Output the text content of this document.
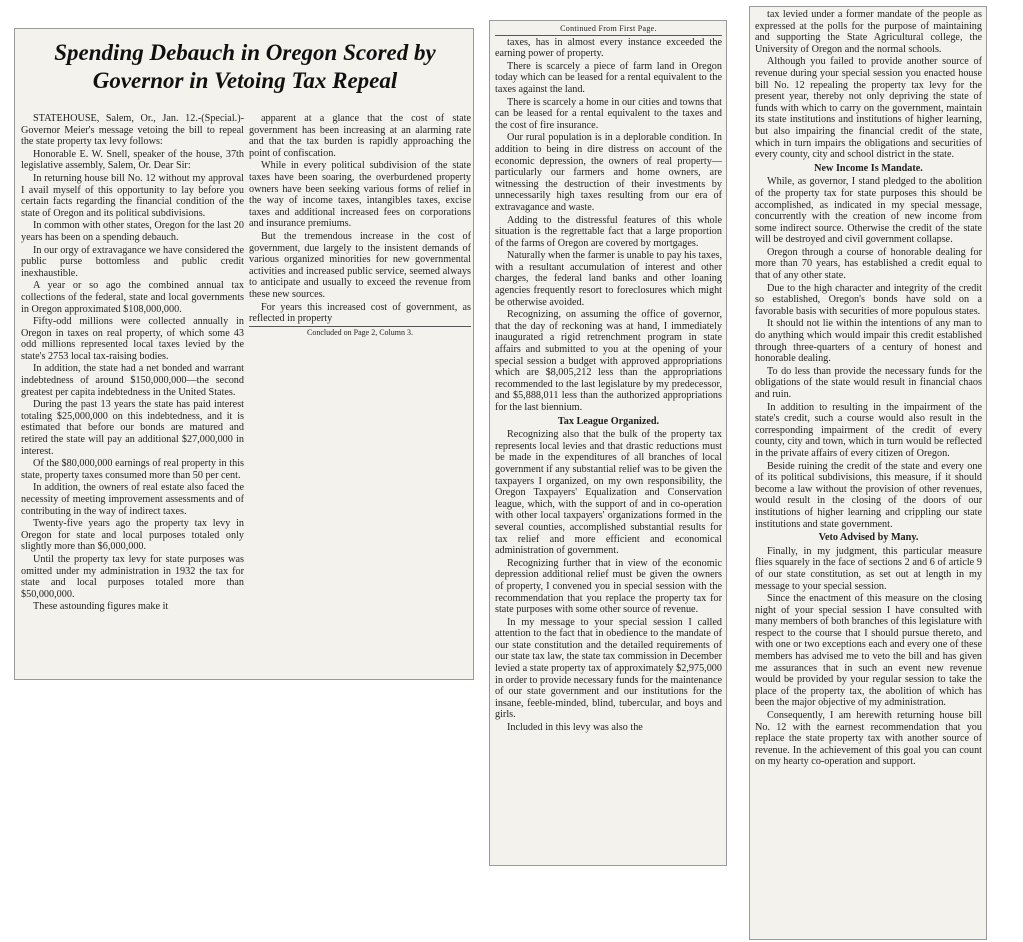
Spending Debauch in Oregon Scored by Governor in Vetoing Tax Repeal

STATEHOUSE, Salem, Or., Jan. 12.-(Special.)-Governor Meier's message vetoing the bill to repeal the state property tax levy follows:

Honorable E. W. Snell, speaker of the house, 37th legislative assembly, Salem, Or. Dear Sir:

In returning house bill No. 12 without my approval I avail myself of this opportunity to lay before you certain facts regarding the financial condition of the state of Oregon and its political subdivisions.

In common with other states, Oregon for the last 20 years has been on a spending debauch.

In our orgy of extravagance we have considered the public purse bottomless and public credit inexhaustible.

A year or so ago the combined annual tax collections of the federal, state and local governments in Oregon approximated $108,000,000.

Fifty-odd millions were collected annually in Oregon in taxes on real property, of which some 43 odd millions represented local taxes levied by the state's 2753 local tax-raising bodies.

In addition, the state had a net bonded and warrant indebtedness of around $150,000,000—the second greatest per capita indebtedness in the United States.

During the past 13 years the state has paid interest totaling $25,000,000 on this indebtedness, and it is estimated that before our bonds are matured and retired the state will pay an additional $27,000,000 in interest.

Of the $80,000,000 earnings of real property in this state, property taxes consumed more than 50 per cent.

In addition, the owners of real estate also faced the necessity of meeting improvement assessments and of contributing in the way of indirect taxes.

Twenty-five years ago the property tax levy in Oregon for state and local purposes totaled only slightly more than $6,000,000.

Until the property tax levy for state purposes was omitted under my administration in 1932 the tax for state and local purposes totaled more than $50,000,000.

These astounding figures make it

apparent at a glance that the cost of state government has been increasing at an alarming rate and that the tax burden is rapidly approaching the point of confiscation.

While in every political subdivision of the state taxes have been soaring, the overburdened property owners have been seeking various forms of relief in the way of income taxes, intangibles taxes, excise taxes and additional increased fees on corporations and insurance premiums.

But the tremendous increase in the cost of government, due largely to the insistent demands of various organized minorities for new governmental activities and increased public service, seemed always to anticipate and usually to exceed the revenue from these new sources.

For years this increased cost of government, as reflected in property

Concluded on Page 2, Column 3.

Continued From First Page.

taxes, has in almost every instance exceeded the earning power of property.

There is scarcely a piece of farm land in Oregon today which can be leased for a rental equivalent to the taxes against the land.

There is scarcely a home in our cities and towns that can be leased for a rental equivalent to the taxes and the cost of fire insurance.

Our rural population is in a deplorable condition. In addition to being in dire distress on account of the economic depression, the owners of real property—particularly our farmers and home owners, are witnessing the destruction of their investments by unnecessarily high taxes resulting from our era of extravagance and waste.

Adding to the distressful features of this whole situation is the regrettable fact that a large proportion of the farms of Oregon are covered by mortgages.

Naturally when the farmer is unable to pay his taxes, with a resultant accumulation of interest and other charges, the federal land banks and other loaning agencies frequently resort to foreclosures which might be otherwise avoided.

Recognizing, on assuming the office of governor, that the day of reckoning was at hand, I immediately inaugurated a rigid retrenchment program in state affairs and submitted to you at the opening of your special session a budget with approved appropriations which are $8,005,212 less than the appropriations recommended to the last legislature by my predecessor, and $5,888,011 less than the authorized appropriations for the last biennium.

Tax League Organized.

Recognizing also that the bulk of the property tax represents local levies and that drastic reductions must be made in the expenditures of all branches of local government if any substantial relief was to be given the taxpayers I organized, on my own responsibility, the Oregon Taxpayers' Equalization and Conservation league, which, with the support of and in co-operation with other local taxpayers' organizations formed in the several counties, accomplished substantial results for tax relief and more efficient and economical administration of government.

Recognizing further that in view of the economic depression additional relief must be given the owners of property, I convened you in special session with the recommendation that you replace the property tax for state purposes with some other source of revenue.

In my message to your special session I called attention to the fact that in obedience to the mandate of our state constitution and the detailed requirements of our state tax law, the state tax commission in December levied a state property tax of approximately $2,975,000 in order to provide necessary funds for the maintenance of our state government and our institutions for the insane, feeble-minded, blind, tubercular, and boys and girls.

Included in this levy was also the

tax levied under a former mandate of the people as expressed at the polls for the purpose of maintaining and supporting the State Agricultural college, the University of Oregon and the normal schools.

Although you failed to provide another source of revenue during your special session you enacted house bill No. 12 repealing the property tax levy for the present year, thereby not only depriving the state of funds with which to carry on the government, maintain its state institutions and institutions of higher learning, but also impairing the financial credit of the state, which in turn impairs the obligations and securities of every county, city and school district in the state.

New Income Is Mandate.

While, as governor, I stand pledged to the abolition of the property tax for state purposes this should be accomplished, as indicated in my special message, concurrently with the creation of new income from some indirect source. Otherwise the credit of the state will be destroyed and civil government collapse.

Oregon through a course of honorable dealing for more than 70 years, has established a credit equal to that of any other state.

Due to the high character and integrity of the credit so established, Oregon's bonds have sold on a favorable basis with securities of more populous states.

It should not lie within the intentions of any man to do anything which would impair this credit established through three-quarters of a century of honest and honorable dealing.

To do less than provide the necessary funds for the obligations of the state would result in financial chaos and ruin.

In addition to resulting in the impairment of the state's credit, such a course would also result in the corresponding impairment of the credit of every county, city and town, which in turn would be reflected in the private affairs of every citizen of Oregon.

Beside ruining the credit of the state and every one of its political subdivisions, this measure, if it should become a law without the provision of other revenues, would result in the closing of the doors of our institutions of higher learning and crippling our state institutions and state government.

Veto Advised by Many.

Finally, in my judgment, this particular measure flies squarely in the face of sections 2 and 6 of article 9 of our state constitution, as set out at length in my message to your special session.

Since the enactment of this measure on the closing night of your special session I have consulted with many members of both branches of this legislature with respect to the course that I should pursue thereto, and with one or two exceptions each and every one of these members has advised me to veto the bill and has given me assurances that in such an event new revenue would be provided by your regular session to take the place of the property tax, the abolition of which has been the major objective of my administration.

Consequently, I am herewith returning house bill No. 12 with the earnest recommendation that you replace the state property tax with another source of revenue. In the achievement of this goal you can count on my hearty co-operation and support.
